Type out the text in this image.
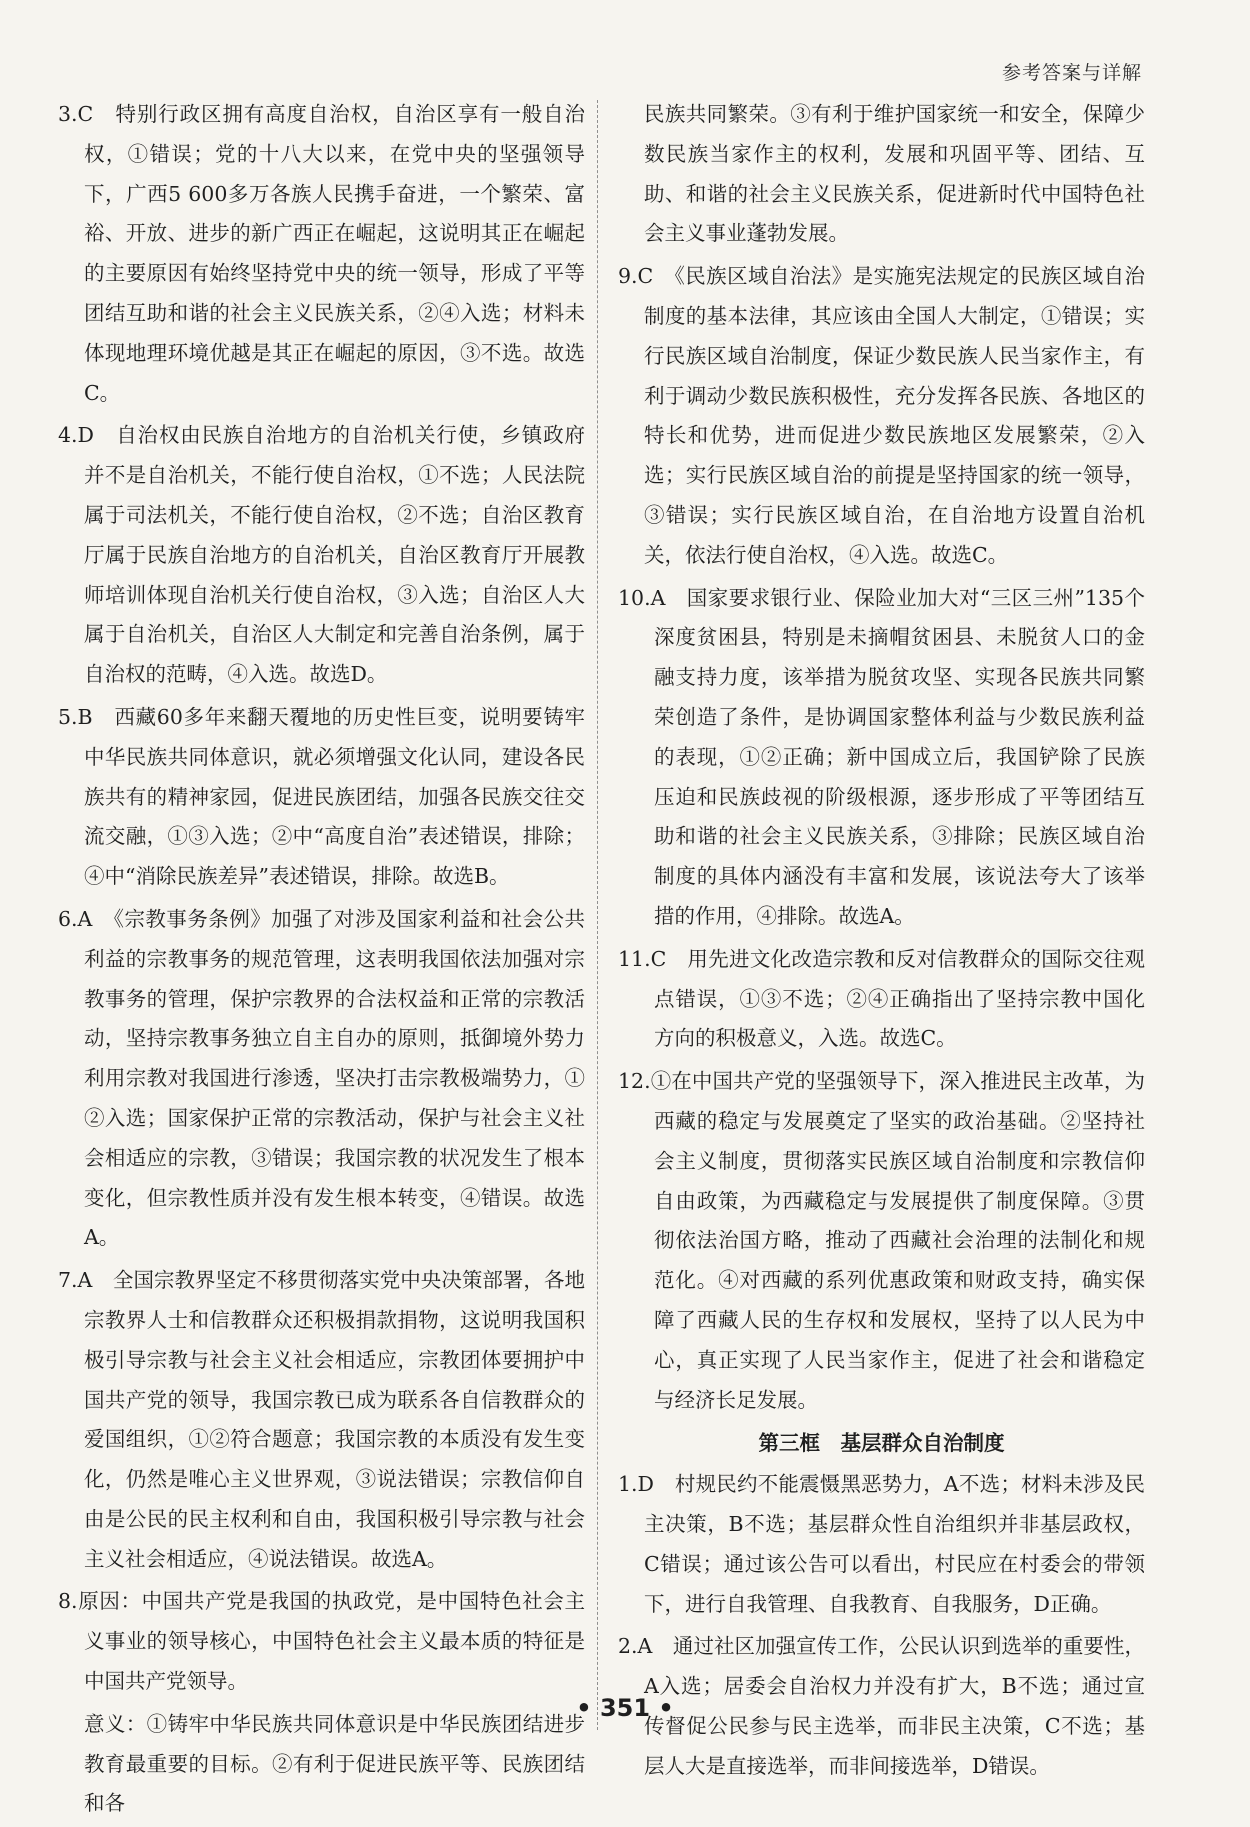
参考答案与详解

3.C　特别行政区拥有高度自治权，自治区享有一般自治权，①错误；党的十八大以来，在党中央的坚强领导下，广西5 600多万各族人民携手奋进，一个繁荣、富裕、开放、进步的新广西正在崛起，这说明其正在崛起的主要原因有始终坚持党中央的统一领导，形成了平等团结互助和谐的社会主义民族关系，②④入选；材料未体现地理环境优越是其正在崛起的原因，③不选。故选C。

4.D　自治权由民族自治地方的自治机关行使，乡镇政府并不是自治机关，不能行使自治权，①不选；人民法院属于司法机关，不能行使自治权，②不选；自治区教育厅属于民族自治地方的自治机关，自治区教育厅开展教师培训体现自治机关行使自治权，③入选；自治区人大属于自治机关，自治区人大制定和完善自治条例，属于自治权的范畴，④入选。故选D。

5.B　西藏60多年来翻天覆地的历史性巨变，说明要铸牢中华民族共同体意识，就必须增强文化认同，建设各民族共有的精神家园，促进民族团结，加强各民族交往交流交融，①③入选；②中“高度自治”表述错误，排除；④中“消除民族差异”表述错误，排除。故选B。

6.A　《宗教事务条例》加强了对涉及国家利益和社会公共利益的宗教事务的规范管理，这表明我国依法加强对宗教事务的管理，保护宗教界的合法权益和正常的宗教活动，坚持宗教事务独立自主自办的原则，抵御境外势力利用宗教对我国进行渗透，坚决打击宗教极端势力，①②入选；国家保护正常的宗教活动，保护与社会主义社会相适应的宗教，③错误；我国宗教的状况发生了根本变化，但宗教性质并没有发生根本转变，④错误。故选A。

7.A　全国宗教界坚定不移贯彻落实党中央决策部署，各地宗教界人士和信教群众还积极捐款捐物，这说明我国积极引导宗教与社会主义社会相适应，宗教团体要拥护中国共产党的领导，我国宗教已成为联系各自信教群众的爱国组织，①②符合题意；我国宗教的本质没有发生变化，仍然是唯心主义世界观，③说法错误；宗教信仰自由是公民的民主权利和自由，我国积极引导宗教与社会主义社会相适应，④说法错误。故选A。

8.原因：中国共产党是我国的执政党，是中国特色社会主义事业的领导核心，中国特色社会主义最本质的特征是中国共产党领导。

意义：①铸牢中华民族共同体意识是中华民族团结进步教育最重要的目标。②有利于促进民族平等、民族团结和各

民族共同繁荣。③有利于维护国家统一和安全，保障少数民族当家作主的权利，发展和巩固平等、团结、互助、和谐的社会主义民族关系，促进新时代中国特色社会主义事业蓬勃发展。

9.C　《民族区域自治法》是实施宪法规定的民族区域自治制度的基本法律，其应该由全国人大制定，①错误；实行民族区域自治制度，保证少数民族人民当家作主，有利于调动少数民族积极性，充分发挥各民族、各地区的特长和优势，进而促进少数民族地区发展繁荣，②入选；实行民族区域自治的前提是坚持国家的统一领导，③错误；实行民族区域自治，在自治地方设置自治机关，依法行使自治权，④入选。故选C。

10.A　国家要求银行业、保险业加大对“三区三州”135个深度贫困县，特别是未摘帽贫困县、未脱贫人口的金融支持力度，该举措为脱贫攻坚、实现各民族共同繁荣创造了条件，是协调国家整体利益与少数民族利益的表现，①②正确；新中国成立后，我国铲除了民族压迫和民族歧视的阶级根源，逐步形成了平等团结互助和谐的社会主义民族关系，③排除；民族区域自治制度的具体内涵没有丰富和发展，该说法夸大了该举措的作用，④排除。故选A。

11.C　用先进文化改造宗教和反对信教群众的国际交往观点错误，①③不选；②④正确指出了坚持宗教中国化方向的积极意义，入选。故选C。

12.①在中国共产党的坚强领导下，深入推进民主改革，为西藏的稳定与发展奠定了坚实的政治基础。②坚持社会主义制度，贯彻落实民族区域自治制度和宗教信仰自由政策，为西藏稳定与发展提供了制度保障。③贯彻依法治国方略，推动了西藏社会治理的法制化和规范化。④对西藏的系列优惠政策和财政支持，确实保障了西藏人民的生存权和发展权，坚持了以人民为中心，真正实现了人民当家作主，促进了社会和谐稳定与经济长足发展。

第三框　基层群众自治制度

1.D　村规民约不能震慑黑恶势力，A不选；材料未涉及民主决策，B不选；基层群众性自治组织并非基层政权，C错误；通过该公告可以看出，村民应在村委会的带领下，进行自我管理、自我教育、自我服务，D正确。

2.A　通过社区加强宣传工作，公民认识到选举的重要性，A入选；居委会自治权力并没有扩大，B不选；通过宣传督促公民参与民主选举，而非民主决策，C不选；基层人大是直接选举，而非间接选举，D错误。

• 351 •
